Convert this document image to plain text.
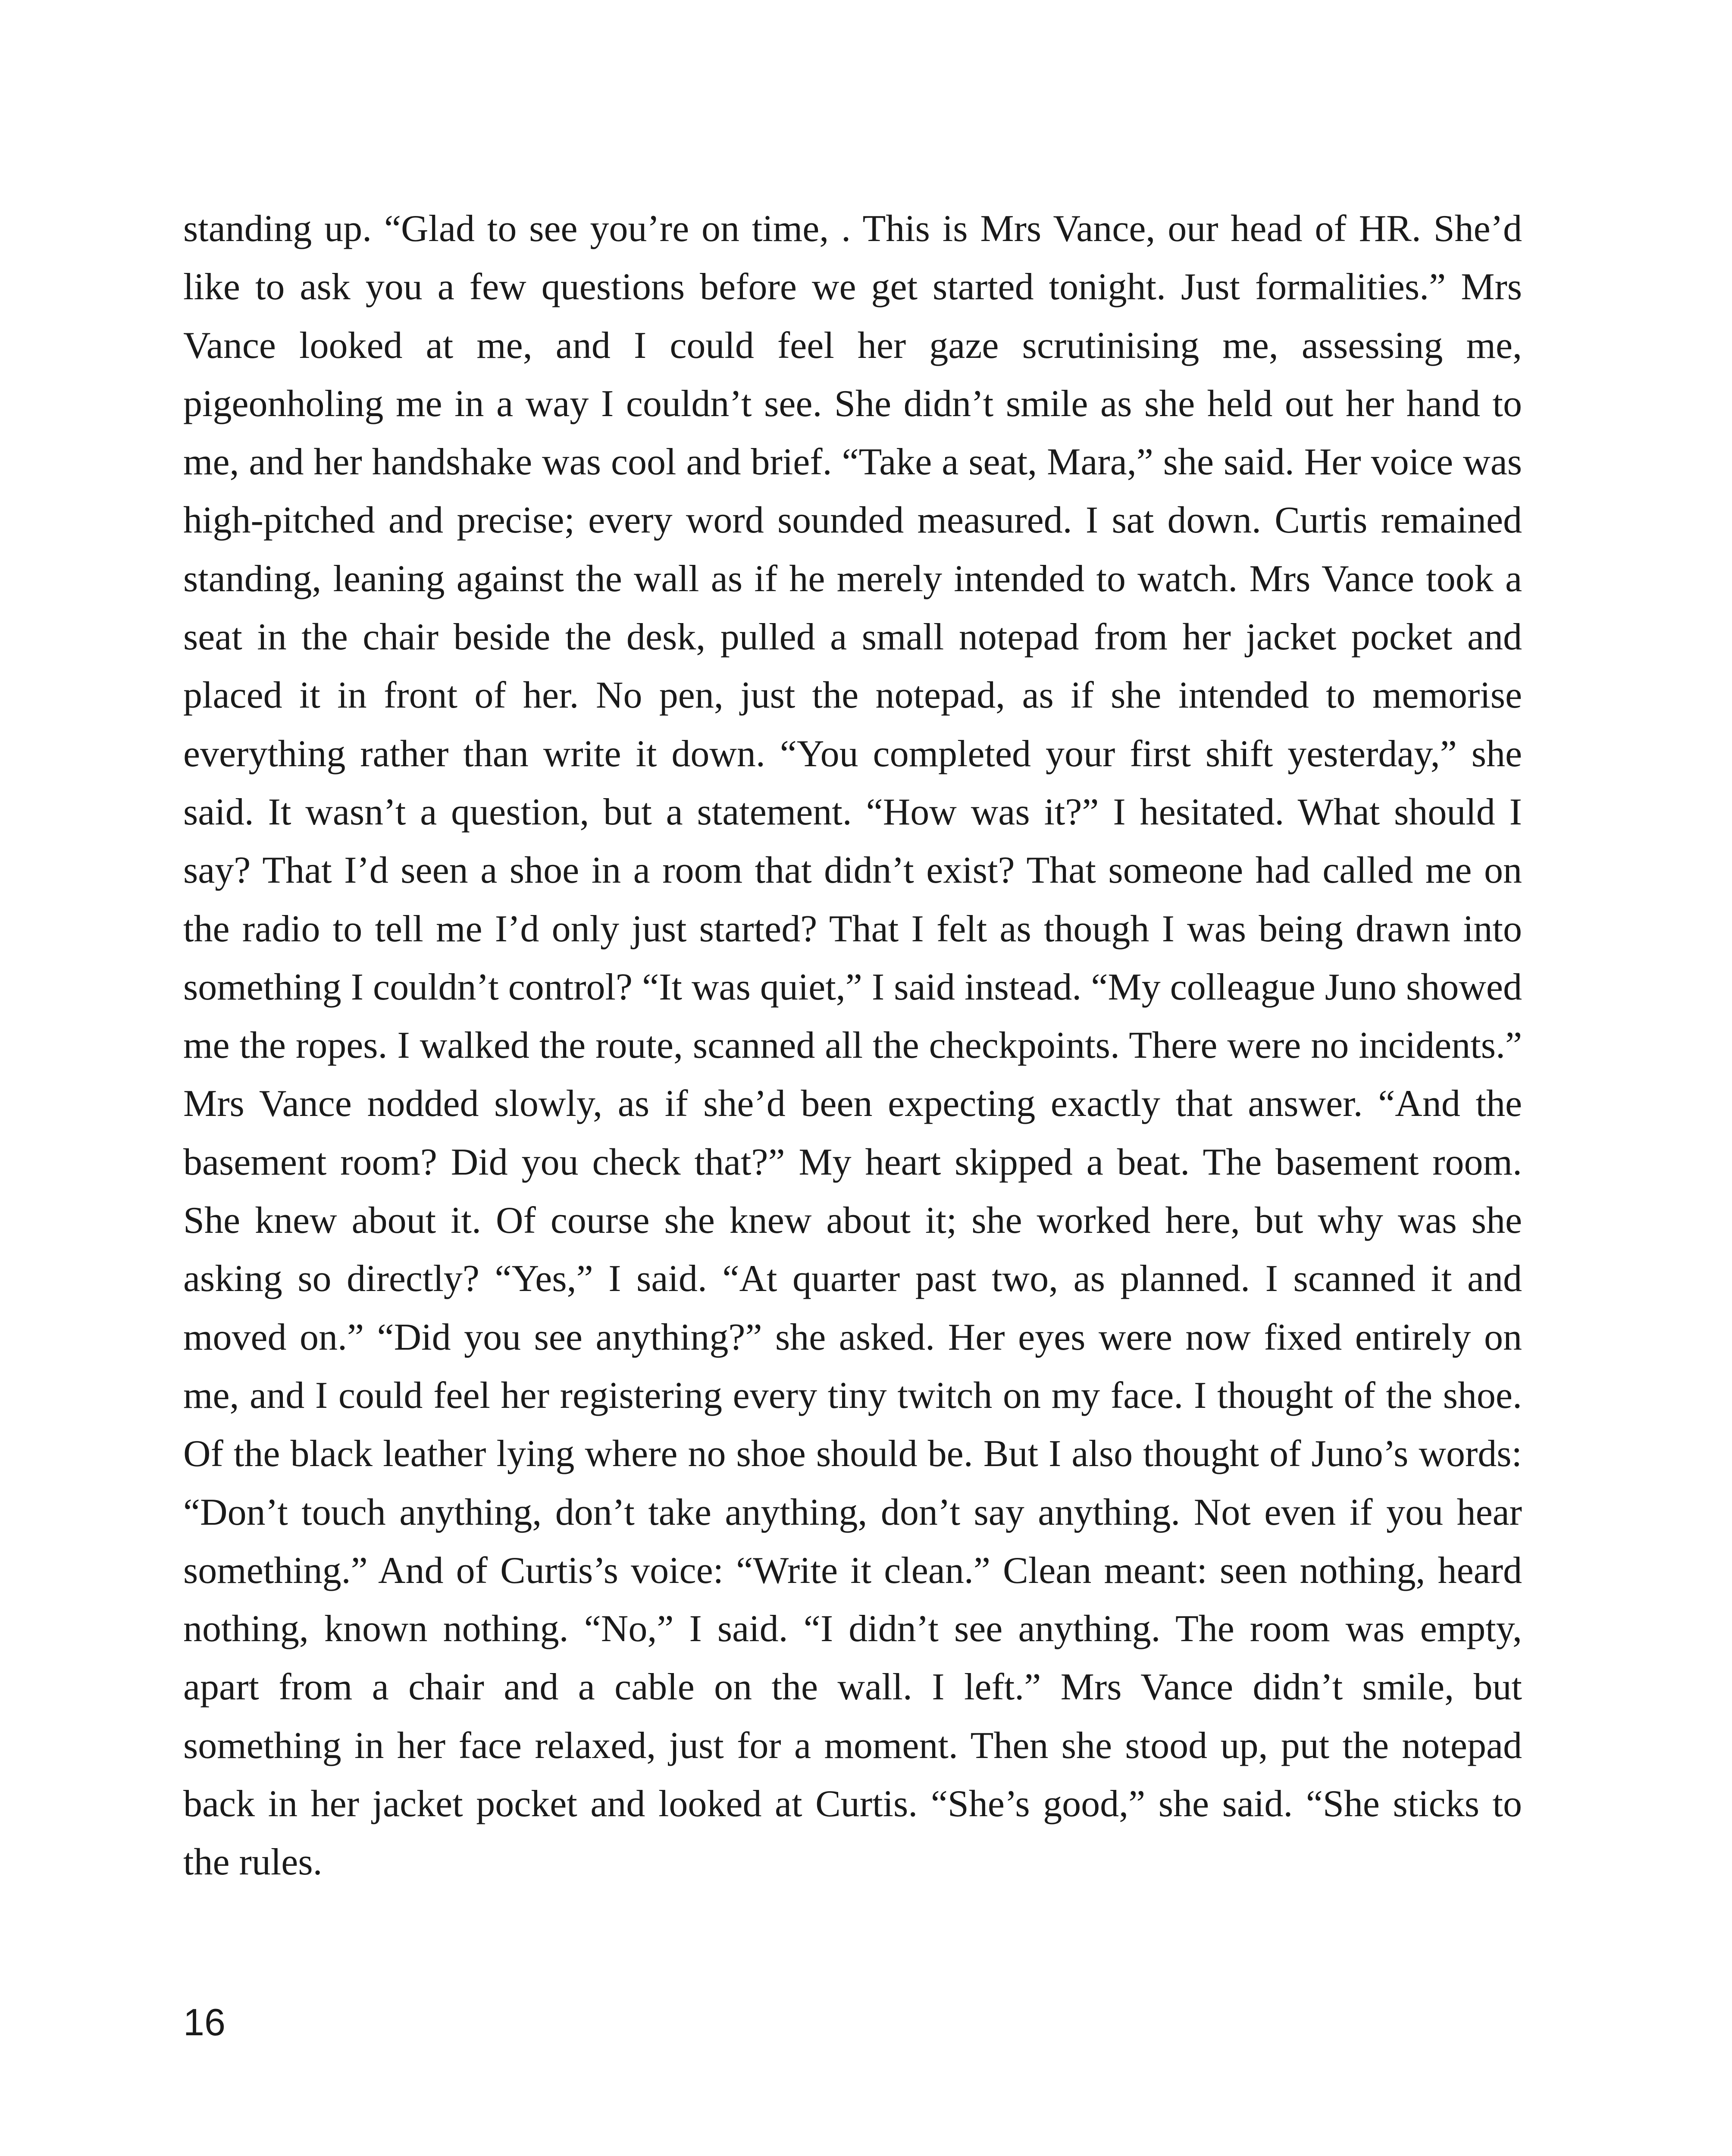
standing up. “Glad to see you’re on time, . This is Mrs Vance, our head of HR. She’d like to ask you a few questions before we get started tonight. Just formalities.” Mrs Vance looked at me, and I could feel her gaze scrutinising me, assessing me, pigeonholing me in a way I couldn’t see. She didn’t smile as she held out her hand to me, and her handshake was cool and brief. “Take a seat, Mara,” she said. Her voice was high-pitched and precise; every word sounded measured. I sat down. Curtis remained standing, leaning against the wall as if he merely intended to watch. Mrs Vance took a seat in the chair beside the desk, pulled a small notepad from her jacket pocket and placed it in front of her. No pen, just the notepad, as if she intended to memorise everything rather than write it down. “You completed your first shift yesterday,” she said. It wasn’t a question, but a statement. “How was it?” I hesitated. What should I say? That I’d seen a shoe in a room that didn’t exist? That someone had called me on the radio to tell me I’d only just started? That I felt as though I was being drawn into something I couldn’t control? “It was quiet,” I said instead. “My colleague Juno showed me the ropes. I walked the route, scanned all the checkpoints. There were no incidents.” Mrs Vance nodded slowly, as if she’d been expecting exactly that answer. “And the basement room? Did you check that?” My heart skipped a beat. The basement room. She knew about it. Of course she knew about it; she worked here, but why was she asking so directly? “Yes,” I said. “At quarter past two, as planned. I scanned it and moved on.” “Did you see anything?” she asked. Her eyes were now fixed entirely on me, and I could feel her registering every tiny twitch on my face. I thought of the shoe. Of the black leather lying where no shoe should be. But I also thought of Juno’s words: “Don’t touch anything, don’t take anything, don’t say anything. Not even if you hear something.” And of Curtis’s voice: “Write it clean.” Clean meant: seen nothing, heard nothing, known nothing. “No,” I said. “I didn’t see anything. The room was empty, apart from a chair and a cable on the wall. I left.” Mrs Vance didn’t smile, but something in her face relaxed, just for a moment. Then she stood up, put the notepad back in her jacket pocket and looked at Curtis. “She’s good,” she said. “She sticks to the rules.

16
